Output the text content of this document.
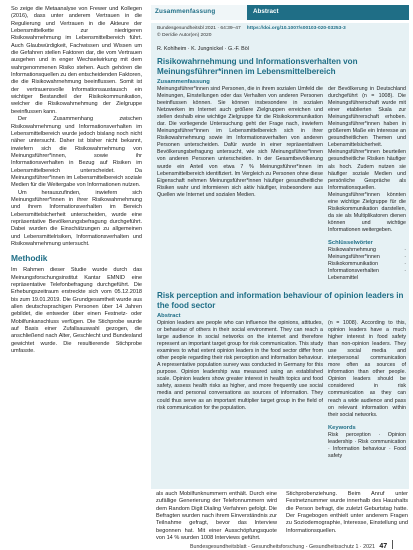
So zeige die Metaanalyse von Frewer und Kollegen (2016), dass unter anderem Vertrauen in die Regulierung und Vertrauen in die Akteure der Lebensmittelkette zur niedrigeren Risikowahrnehmung im Lebensmittelbereich führt. Auch Glaubwürdigkeit, Fachwissen und Wissen um die Gefahren stellen Faktoren dar, die vom Vertrauen ausgehen und in enger Wechselwirkung mit dem wahrgenommenen Risiko stehen. Auch gehören die Informationsquellen zu den entscheidenden Faktoren, die die Risikowahrnehmung beeinflussen. Somit ist der vertrauensvolle Informationsaustausch ein wichtiger Bestandteil der Risikokommunikation, welcher die Risikowahrnehmung der Zielgruppe beeinflussen kann.

Der Zusammenhang zwischen Risikowahrnehmung und Informationsverhalten im Lebensmittelbereich wurde jedoch bislang noch nicht näher untersucht. Daher ist bisher nicht bekannt, inwiefern sich die Risikowahrnehmung von Meinungsführer*innen, sowie ihr Informationsverhalten in Bezug auf Risiken im Lebensmittelbereich unterscheidet. Da Meinungsführer*innen im Lebensmittelbereich soziale Medien für die Weitergabe von Informationen nutzen.

Um herauszufinden, inwiefern sich Meinungsführer*innen in ihrer Risikowahrnehmung und ihrem Informationsverhalten im Bereich Lebensmittelsicherheit unterscheiden, wurde eine repräsentative Bevölkerungsbefragung durchgeführt. Dabei wurden die Einschätzungen zu allgemeinen und Lebensmittelrisiken, Informationsverhalten und Risikowahrnehmung untersucht.

Methodik

Im Rahmen dieser Studie wurde durch das Meinungsforschungsinstitut Kantar EMNID eine repräsentative Telefonbefragung durchgeführt. Die Erhebungszeitraum erstreckte sich vom 05.12.2018 bis zum 19.01.2019. Die Grundgesamtheit wurde aus allen deutschsprachigen Personen über 14 Jahren gebildet, die entweder über einen Festnetz- oder Mobilfunkanschluss verfügen. Die Stichprobe wurde auf Basis einer Zufallsauswahl gezogen, die anschließend nach Alter, Geschlecht und Bundesland gewichtet wurde. Die resultierende Stichprobe umfasste.

Zusammenfassung	Abstract
Bundesgesundheitsbl 2021 · 64:39–47 https://doi.org/10.1007/s00103-020-03253-3
© Der/die Autor(en) 2020
R. Kohlheim · K. Jungnickel · G.-F. Böl
Risikowahrnehmung und Informationsverhalten von Meinungsführer*innen im Lebensmittelbereich
Zusammenfassung

Meinungsführer*innen sind Personen, die in ihrem sozialen Umfeld die Meinungen, Einstellungen oder das Verhalten von anderen Personen beeinflussen können. Sie können insbesondere in sozialen Netzwerken im Internet auch größere Zielgruppen erreichen und stellen deshalb eine wichtige Zielgruppe für die Risikokommunikation dar. Die vorliegende Untersuchung geht der Frage nach, inwiefern Meinungsführer*innen im Lebensmittelbereich sich in ihrer Risikowahrnehmung sowie im Informationsverhalten von anderen Personen unterscheiden. Dafür wurde in einer repräsentativen Bevölkerungsbefragung untersucht, wie sich Meinungsführer*innen von anderen Personen unterscheiden. In der Gesamtbevölkerung wurde ein Anteil von etwa 7 % Meinungsführer*innen im Lebensmittelbereich identifiziert. Im Vergleich zu Personen ohne diese Eigenschaft nehmen Meinungsführer*innen häufiger gesundheitliche Risiken wahr und informieren sich aktiv häufiger, insbesondere aus Quellen wie Internet und sozialen Medien.

der Bevölkerung in Deutschland durchgeführt (n = 1008). Die Meinungsführerschaft wurde mit einer etablierten Skala zur Meinungsführerschaft erhoben. Meinungsführer*innen haben in größerem Maße ein Interesse an gesundheitlichen Themen und Lebensmittelsicherheit. Meinungsführer*innen beurteilen gesundheitliche Risiken häufiger als hoch. Zudem nutzen sie häufiger soziale Medien und persönliche Gespräche als Informationsquellen. Meinungsführer*innen könnten eine wichtige Zielgruppe für die Risikokommunikation darstellen, da sie als Multiplikatoren dienen können und wichtige Informationen weitergeben.

Schlüsselwörter

Risikowahrnehmung · Meinungsführer*innen · Risikokommunikation · Informationsverhalten · Lebensmittel

Risk perception and information behaviour of opinion leaders in the food sector
Abstract

Opinion leaders are people who can influence the opinions, attitudes, or behaviour of others in their social environment. They can reach a large audience in social networks on the internet and therefore represent an important target group for risk communication. This study examines to what extent opinion leaders in the food sector differ from other people regarding their risk perception and information behaviour. A representative population survey was conducted in Germany for this purpose. Opinion leadership was measured using an established scale. Opinion leaders show greater interest in health topics and food safety, assess health risks as higher, and more frequently use social media and personal conversations as sources of information. They could thus serve as an important multiplier target group in the field of risk communication for the population.

(n = 1008). According to this, opinion leaders have a much higher interest in food safety than non-opinion leaders. They use social media and interpersonal communication more often as sources of information than other people. Opinion leaders should be considered in risk communication as they can reach a wide audience and pass on relevant information within their social networks.

Keywords

Risk perception · Opinion leadership · Risk communication · Information behaviour · Food safety

als auch Mobilfunknummern enthält. Durch eine zufällige Generierung der Telefonnummern wird dem Random Digit Dialing Verfahren gefolgt. Die Befragten wurden nach ihrem Einverständnis zur Teilnahme gefragt, bevor das Interview begonnen hat. Mit einer Ausschöpfungsquote von 14 % wurden 1008 Interviews geführt.

Stichprobenziehung. Beim Anruf unter Festnetznummer wurde innerhalb des Haushalts die Person befragt, die zuletzt Geburtstag hatte. Der Fragebogen enthielt unter anderem Fragen zu Soziodemographie, Interesse, Einstellung und Informationsquellen.

Bundesgesundheitsblatt - Gesundheitsforschung - Gesundheitsschutz 1 · 2021 47
